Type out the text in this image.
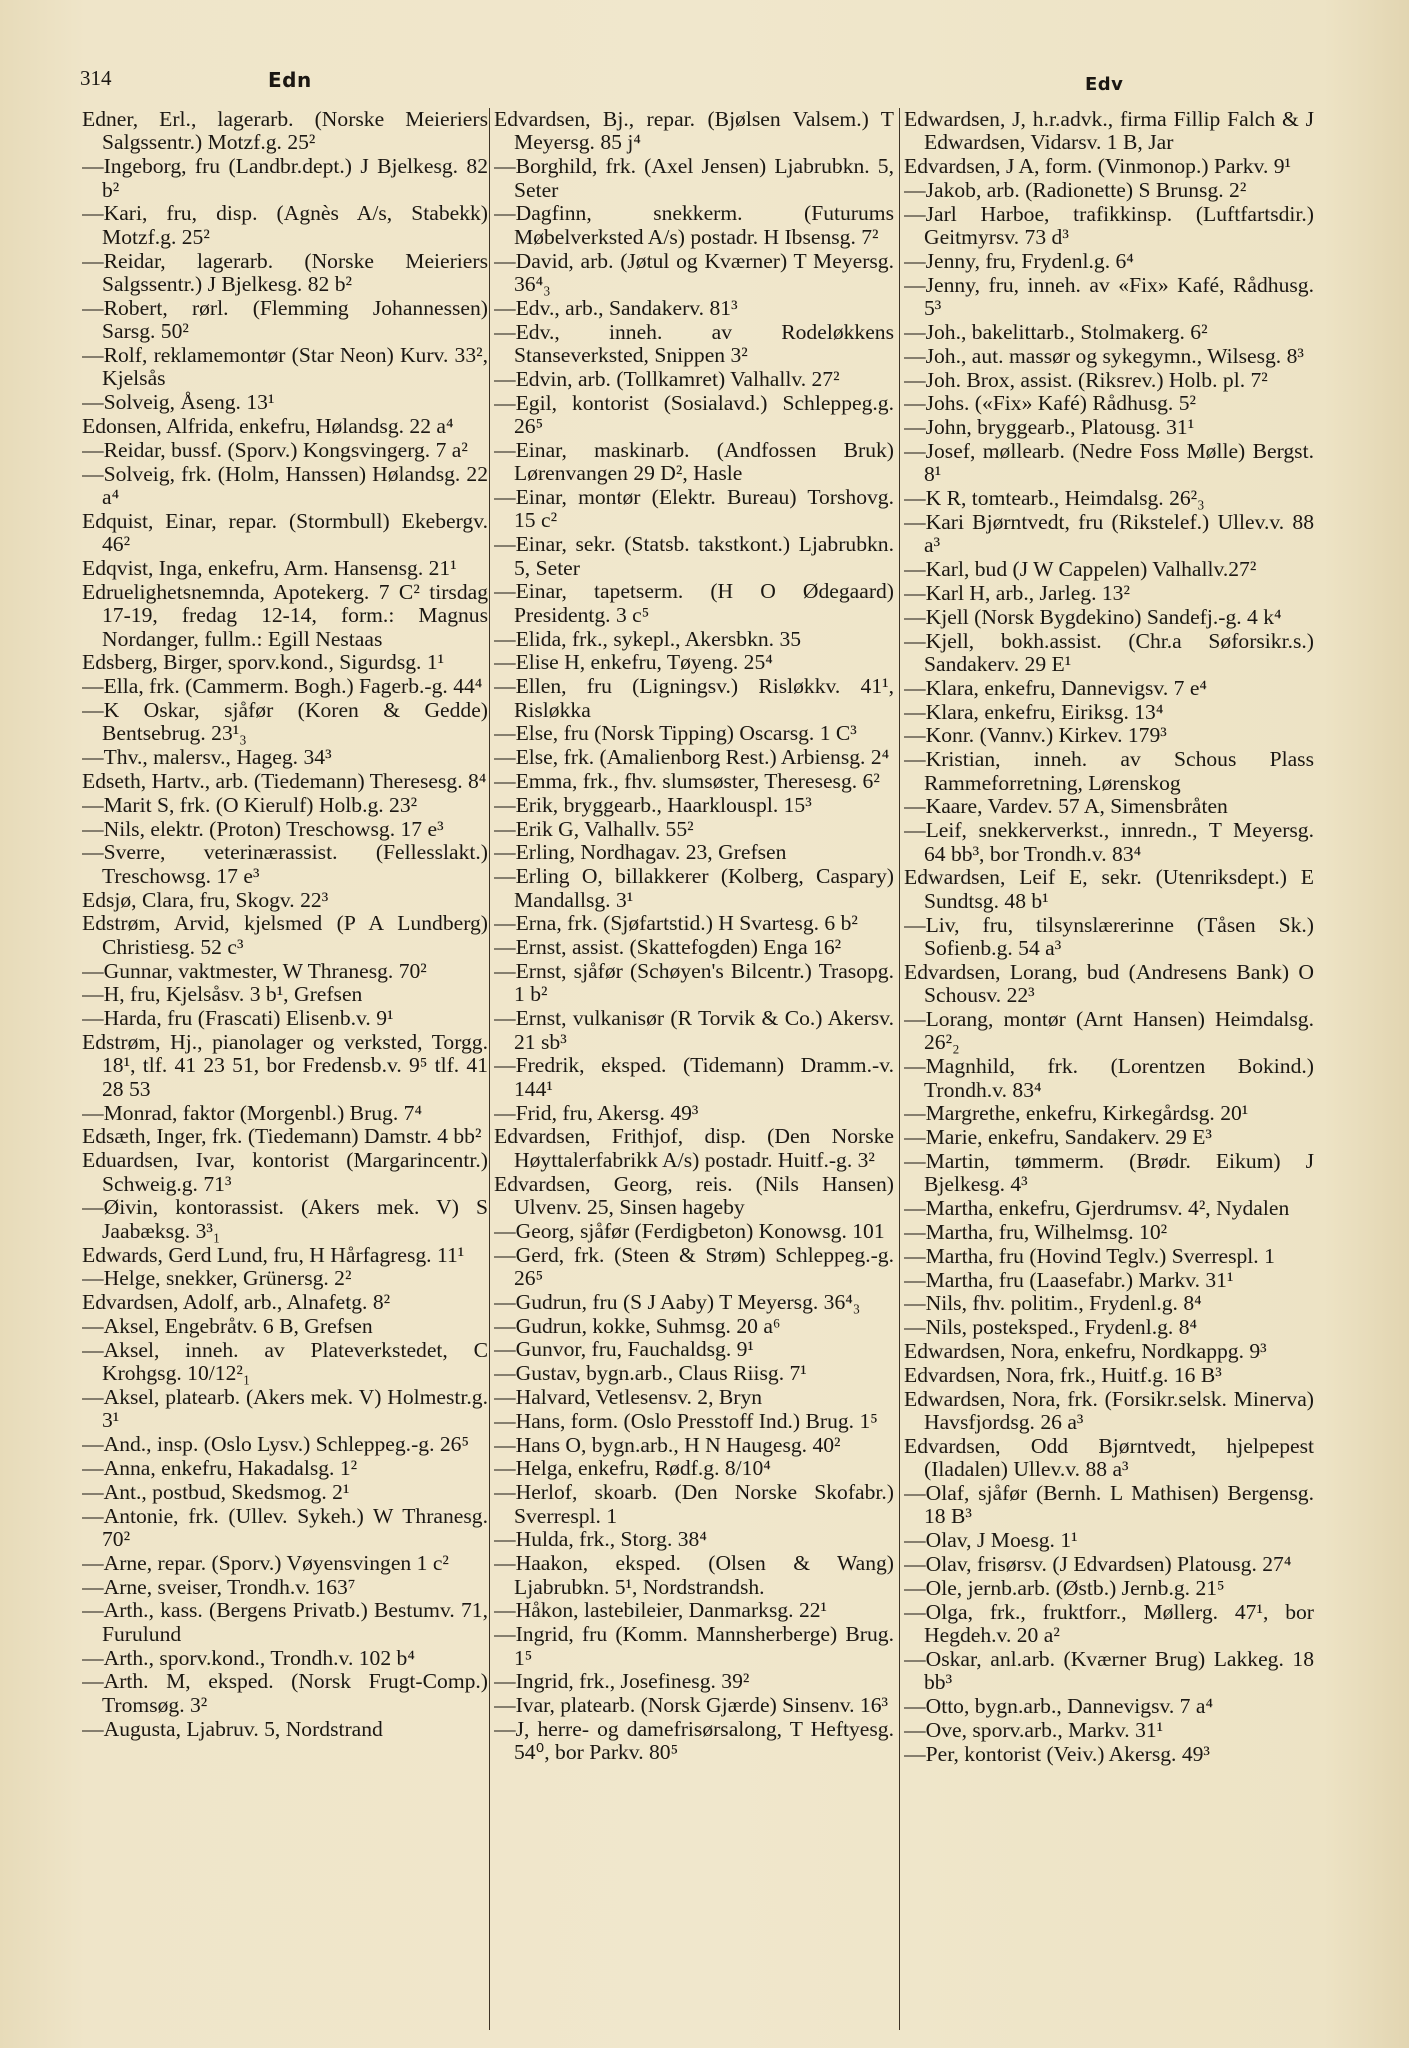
314	Edn	Edv
Edner, Erl., lagerarb. (Norske Meieriers Salgssentr.) Motzf.g. 25²
—Ingeborg, fru (Landbr.dept.) J Bjelkesg. 82 b²
—Kari, fru, disp. (Agnès A/s, Stabekk) Motzf.g. 25²
—Reidar, lagerarb. (Norske Meieriers Salgssentr.) J Bjelkesg. 82 b²
—Robert, rørl. (Flemming Johannessen) Sarsg. 50²
—Rolf, reklamemontør (Star Neon) Kurv. 33², Kjelsås
—Solveig, Åseng. 13¹
Edonsen, Alfrida, enkefru, Hølandsg. 22 a⁴
—Reidar, bussf. (Sporv.) Kongsvingerg. 7 a²
—Solveig, frk. (Holm, Hanssen) Hølandsg. 22 a⁴
Edquist, Einar, repar. (Stormbull) Ekebergv. 46²
Edqvist, Inga, enkefru, Arm. Hansensg. 21¹
Edruelighetsnemnda, Apotekerg. 7 C² tirsdag 17-19, fredag 12-14, form.: Magnus Nordanger, fullm.: Egill Nestaas
Edsberg, Birger, sporv.kond., Sigurdsg. 1¹
—Ella, frk. (Cammerm. Bogh.) Fagerb.-g. 44⁴
—K Oskar, sjåfør (Koren & Gedde) Bentsebrug. 23¹₃
—Thv., malersv., Hageg. 34³
Edseth, Hartv., arb. (Tiedemann) Theresesg. 8⁴
—Marit S, frk. (O Kierulf) Holb.g. 23²
—Nils, elektr. (Proton) Treschowsg. 17 e³
—Sverre, veterinærassist. (Fellesslakt.) Treschowsg. 17 e³
Edsjø, Clara, fru, Skogv. 22³
Edstrøm, Arvid, kjelsmed (P A Lundberg) Christiesg. 52 c³
—Gunnar, vaktmester, W Thranesg. 70²
—H, fru, Kjelsåsv. 3 b¹, Grefsen
—Harda, fru (Frascati) Elisenb.v. 9¹
Edstrøm, Hj., pianolager og verksted, Torgg. 18¹, tlf. 41 23 51, bor Fredensb.v. 9⁵ tlf. 41 28 53
—Monrad, faktor (Morgenbl.) Brug. 7⁴
Edsæth, Inger, frk. (Tiedemann) Damstr. 4 bb²
Eduardsen, Ivar, kontorist (Margarincentr.) Schweig.g. 71³
—Øivin, kontorassist. (Akers mek. V) S Jaabæksg. 3³₁
Edwards, Gerd Lund, fru, H Hårfagresg. 11¹
—Helge, snekker, Grünersg. 2²
Edvardsen, Adolf, arb., Alnafetg. 8²
—Aksel, Engebråtv. 6 B, Grefsen
—Aksel, inneh. av Plateverkstedet, C Krohgsg. 10/12²₁
—Aksel, platearb. (Akers mek. V) Holmestr.g. 3¹
—And., insp. (Oslo Lysv.) Schleppeg.-g. 26⁵
—Anna, enkefru, Hakadalsg. 1²
—Ant., postbud, Skedsmog. 2¹
—Antonie, frk. (Ullev. Sykeh.) W Thranesg. 70²
—Arne, repar. (Sporv.) Vøyensvingen 1 c²
—Arne, sveiser, Trondh.v. 163⁷
—Arth., kass. (Bergens Privatb.) Bestumv. 71, Furulund
—Arth., sporv.kond., Trondh.v. 102 b⁴
—Arth. M, eksped. (Norsk Frugt-Comp.) Tromsøg. 3²
—Augusta, Ljabruv. 5, Nordstrand
Edvardsen, Bj., repar. (Bjølsen Valsem.) T Meyersg. 85 j⁴
—Borghild, frk. (Axel Jensen) Ljabrubkn. 5, Seter
—Dagfinn, snekkerm. (Futurums Møbelverksted A/s) postadr. H Ibsensg. 7²
—David, arb. (Jøtul og Kværner) T Meyersg. 36⁴₃
—Edv., arb., Sandakerv. 81³
—Edv., inneh. av Rodeløkkens Stanseverksted, Snippen 3²
—Edvin, arb. (Tollkamret) Valhallv. 27²
—Egil, kontorist (Sosialavd.) Schleppeg.g. 26⁵
—Einar, maskinarb. (Andfossen Bruk) Lørenvangen 29 D², Hasle
—Einar, montør (Elektr. Bureau) Torshovg. 15 c²
—Einar, sekr. (Statsb. takstkont.) Ljabrubkn. 5, Seter
—Einar, tapetserm. (H O Ødegaard) Presidentg. 3 c⁵
—Elida, frk., sykepl., Akersbkn. 35
—Elise H, enkefru, Tøyeng. 25⁴
—Ellen, fru (Ligningsv.) Risløkkv. 41¹, Risløkka
—Else, fru (Norsk Tipping) Oscarsg. 1 C³
—Else, frk. (Amalienborg Rest.) Arbiensg. 2⁴
—Emma, frk., fhv. slumsøster, Theresesg. 6²
—Erik, bryggearb., Haarklouspl. 15³
—Erik G, Valhallv. 55²
—Erling, Nordhagav. 23, Grefsen
—Erling O, billakkerer (Kolberg, Caspary) Mandallsg. 3¹
—Erna, frk. (Sjøfartstid.) H Svartesg. 6 b²
—Ernst, assist. (Skattefogden) Enga 16²
—Ernst, sjåfør (Schøyen's Bilcentr.) Trasopg. 1 b²
—Ernst, vulkanisør (R Torvik & Co.) Akersv. 21 sb³
—Fredrik, eksped. (Tidemann) Dramm.-v. 144¹
—Frid, fru, Akersg. 49³
Edvardsen, Frithjof, disp. (Den Norske Høyttalerfabrikk A/s) postadr. Huitf.-g. 3²
Edvardsen, Georg, reis. (Nils Hansen) Ulvenv. 25, Sinsen hageby
—Georg, sjåfør (Ferdigbeton) Konowsg. 101
—Gerd, frk. (Steen & Strøm) Schleppeg.-g. 26⁵
—Gudrun, fru (S J Aaby) T Meyersg. 36⁴₃
—Gudrun, kokke, Suhmsg. 20 a⁶
—Gunvor, fru, Fauchaldsg. 9¹
—Gustav, bygn.arb., Claus Riisg. 7¹
—Halvard, Vetlesensv. 2, Bryn
—Hans, form. (Oslo Presstoff Ind.) Brug. 1⁵
—Hans O, bygn.arb., H N Haugesg. 40²
—Helga, enkefru, Rødf.g. 8/10⁴
—Herlof, skoarb. (Den Norske Skofabr.) Sverrespl. 1
—Hulda, frk., Storg. 38⁴
—Haakon, eksped. (Olsen & Wang) Ljabrubkn. 5¹, Nordstrandsh.
—Håkon, lastebileier, Danmarksg. 22¹
—Ingrid, fru (Komm. Mannsherberge) Brug. 1⁵
—Ingrid, frk., Josefinesg. 39²
—Ivar, platearb. (Norsk Gjærde) Sinsenv. 16³
—J, herre- og damefrisørsalong, T Heftyesg. 54⁰, bor Parkv. 80⁵
Edwardsen, J, h.r.advk., firma Fillip Falch & J Edwardsen, Vidarsv. 1 B, Jar
Edvardsen, J A, form. (Vinmonop.) Parkv. 9¹
—Jakob, arb. (Radionette) S Brunsg. 2²
—Jarl Harboe, trafikkinsp. (Luftfartsdir.) Geitmyrsv. 73 d³
—Jenny, fru, Frydenl.g. 6⁴
—Jenny, fru, inneh. av «Fix» Kafé, Rådhusg. 5³
—Joh., bakelittarb., Stolmakerg. 6²
—Joh., aut. massør og sykegymn., Wilsesg. 8³
—Joh. Brox, assist. (Riksrev.) Holb. pl. 7²
—Johs. («Fix» Kafé) Rådhusg. 5²
—John, bryggearb., Platousg. 31¹
—Josef, møllearb. (Nedre Foss Mølle) Bergst. 8¹
—K R, tomtearb., Heimdalsg. 26²₃
—Kari Bjørntvedt, fru (Rikstelef.) Ullev.v. 88 a³
—Karl, bud (J W Cappelen) Valhallv.27²
—Karl H, arb., Jarleg. 13²
—Kjell (Norsk Bygdekino) Sandefj.-g. 4 k⁴
—Kjell, bokh.assist. (Chr.a Søforsikr.s.) Sandakerv. 29 E¹
—Klara, enkefru, Dannevigsv. 7 e⁴
—Klara, enkefru, Eiriksg. 13⁴
—Konr. (Vannv.) Kirkev. 179³
—Kristian, inneh. av Schous Plass Rammeforretning, Lørenskog
—Kaare, Vardev. 57 A, Simensbråten
—Leif, snekkerverkst., innredn., T Meyersg. 64 bb³, bor Trondh.v. 83⁴
Edwardsen, Leif E, sekr. (Utenriksdept.) E Sundtsg. 48 b¹
—Liv, fru, tilsynslærerinne (Tåsen Sk.) Sofienb.g. 54 a³
Edvardsen, Lorang, bud (Andresens Bank) O Schousv. 22³
—Lorang, montør (Arnt Hansen) Heimdalsg. 26²₂
—Magnhild, frk. (Lorentzen Bokind.) Trondh.v. 83⁴
—Margrethe, enkefru, Kirkegårdsg. 20¹
—Marie, enkefru, Sandakerv. 29 E³
—Martin, tømmerm. (Brødr. Eikum) J Bjelkesg. 4³
—Martha, enkefru, Gjerdrumsv. 4², Nydalen
—Martha, fru, Wilhelmsg. 10²
—Martha, fru (Hovind Teglv.) Sverrespl. 1
—Martha, fru (Laasefabr.) Markv. 31¹
—Nils, fhv. politim., Frydenl.g. 8⁴
—Nils, posteksped., Frydenl.g. 8⁴
Edwardsen, Nora, enkefru, Nordkappg. 9³
Edvardsen, Nora, frk., Huitf.g. 16 B³
Edwardsen, Nora, frk. (Forsikr.selsk. Minerva) Havsfjordsg. 26 a³
Edvardsen, Odd Bjørntvedt, hjelpepest (Iladalen) Ullev.v. 88 a³
—Olaf, sjåfør (Bernh. L Mathisen) Bergensg. 18 B³
—Olav, J Moesg. 1¹
—Olav, frisørsv. (J Edvardsen) Platousg. 27⁴
—Ole, jernb.arb. (Østb.) Jernb.g. 21⁵
—Olga, frk., fruktforr., Møllerg. 47¹, bor Hegdeh.v. 20 a²
—Oskar, anl.arb. (Kværner Brug) Lakkeg. 18 bb³
—Otto, bygn.arb., Dannevigsv. 7 a⁴
—Ove, sporv.arb., Markv. 31¹
—Per, kontorist (Veiv.) Akersg. 49³
